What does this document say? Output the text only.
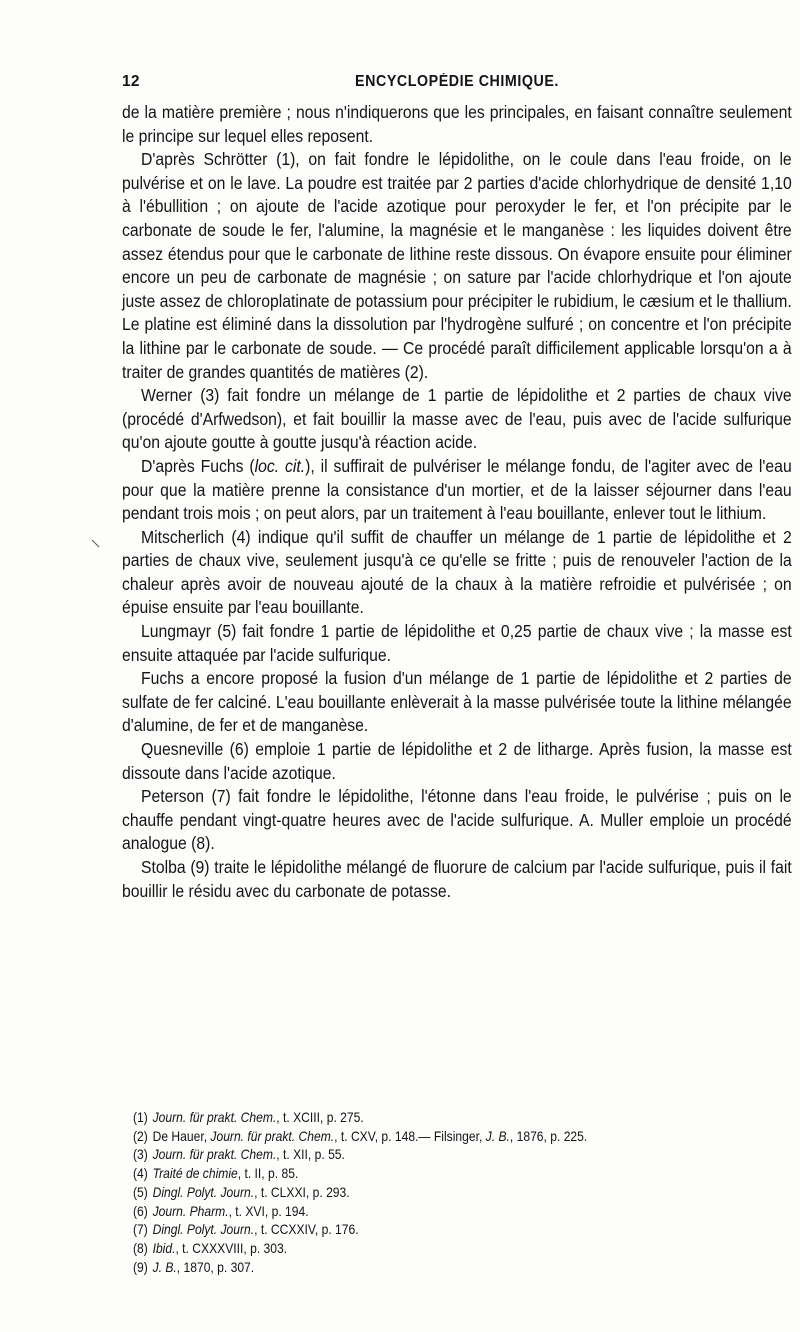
12	ENCYCLOPÉDIE CHIMIQUE.

de la matière première ; nous n'indiquerons que les principales, en faisant connaître seulement le principe sur lequel elles reposent.

D'après Schrötter (1), on fait fondre le lépidolithe, on le coule dans l'eau froide, on le pulvérise et on le lave. La poudre est traitée par 2 parties d'acide chlorhydrique de densité 1,10 à l'ébullition ; on ajoute de l'acide azotique pour peroxyder le fer, et l'on précipite par le carbonate de soude le fer, l'alumine, la magnésie et le manganèse : les liquides doivent être assez étendus pour que le carbonate de lithine reste dissous. On évapore ensuite pour éliminer encore un peu de carbonate de magnésie ; on sature par l'acide chlorhydrique et l'on ajoute juste assez de chloroplatinate de potassium pour précipiter le rubidium, le cæsium et le thallium. Le platine est éliminé dans la dissolution par l'hydrogène sulfuré ; on concentre et l'on précipite la lithine par le carbonate de soude. — Ce procédé paraît difficilement applicable lorsqu'on a à traiter de grandes quantités de matières (2).

Werner (3) fait fondre un mélange de 1 partie de lépidolithe et 2 parties de chaux vive (procédé d'Arfwedson), et fait bouillir la masse avec de l'eau, puis avec de l'acide sulfurique qu'on ajoute goutte à goutte jusqu'à réaction acide.

D'après Fuchs (loc. cit.), il suffirait de pulvériser le mélange fondu, de l'agiter avec de l'eau pour que la matière prenne la consistance d'un mortier, et de la laisser séjourner dans l'eau pendant trois mois ; on peut alors, par un traitement à l'eau bouillante, enlever tout le lithium.

Mitscherlich (4) indique qu'il suffit de chauffer un mélange de 1 partie de lépidolithe et 2 parties de chaux vive, seulement jusqu'à ce qu'elle se fritte ; puis de renouveler l'action de la chaleur après avoir de nouveau ajouté de la chaux à la matière refroidie et pulvérisée ; on épuise ensuite par l'eau bouillante.

Lungmayr (5) fait fondre 1 partie de lépidolithe et 0,25 partie de chaux vive ; la masse est ensuite attaquée par l'acide sulfurique.

Fuchs a encore proposé la fusion d'un mélange de 1 partie de lépidolithe et 2 parties de sulfate de fer calciné. L'eau bouillante enlèverait à la masse pulvérisée toute la lithine mélangée d'alumine, de fer et de manganèse.

Quesneville (6) emploie 1 partie de lépidolithe et 2 de litharge. Après fusion, la masse est dissoute dans l'acide azotique.

Peterson (7) fait fondre le lépidolithe, l'étonne dans l'eau froide, le pulvérise ; puis on le chauffe pendant vingt-quatre heures avec de l'acide sulfurique. A. Muller emploie un procédé analogue (8).

Stolba (9) traite le lépidolithe mélangé de fluorure de calcium par l'acide sulfurique, puis il fait bouillir le résidu avec du carbonate de potasse.

(1) Journ. für prakt. Chem., t. XCIII, p. 275.
(2) De Hauer, Journ. für prakt. Chem., t. CXV, p. 148.— Filsinger, J. B., 1876, p. 225.
(3) Journ. für prakt. Chem., t. XII, p. 55.
(4) Traité de chimie, t. II, p. 85.
(5) Dingl. Polyt. Journ., t. CLXXI, p. 293.
(6) Journ. Pharm., t. XVI, p. 194.
(7) Dingl. Polyt. Journ., t. CCXXIV, p. 176.
(8) Ibid., t. CXXXVIII, p. 303.
(9) J. B., 1870, p. 307.
